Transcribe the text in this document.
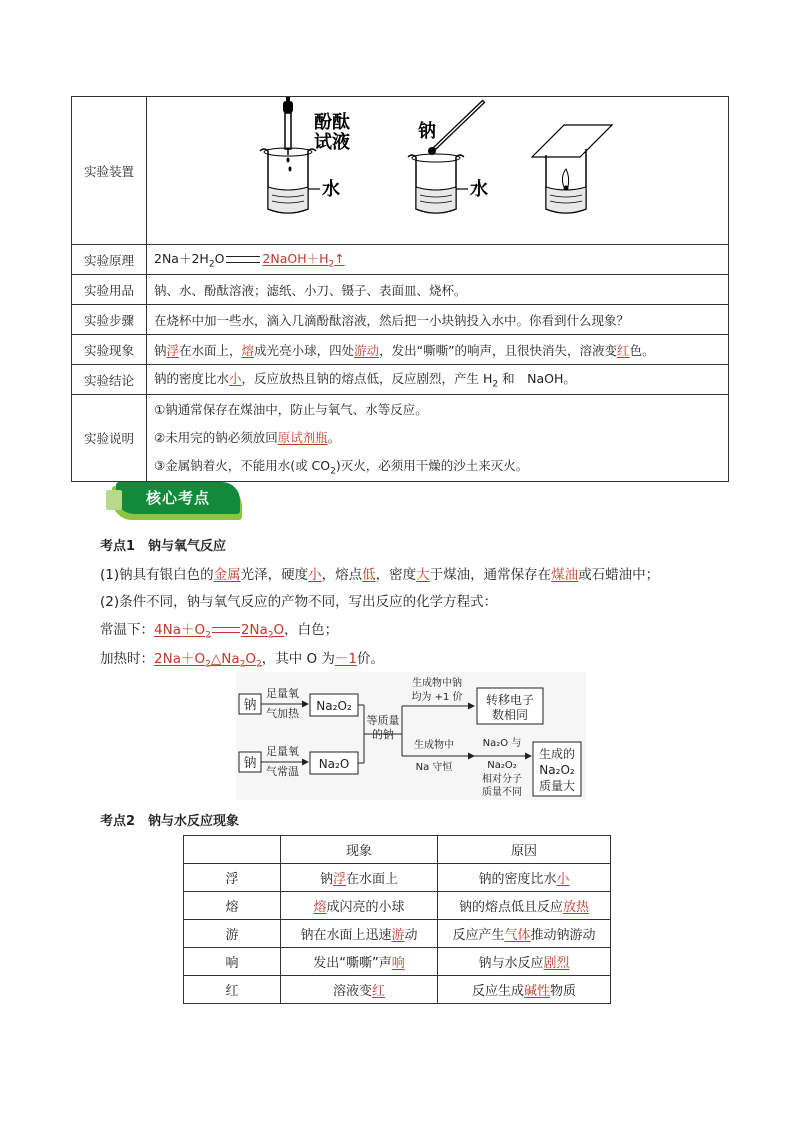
实验装置	酚酞
试液
水
钠
水

实验原理	$2Na+2H_2O$ $2NaOH+H_2↑$
实验用品	钠、水、酚酞溶液；滤纸、小刀、镊子、表面皿、烧杯。
实验步骤	在烧杯中加一些水，滴入几滴酚酞溶液，然后把一小块钠投入水中。你看到什么现象？
实验现象	钠浮在水面上，熔成光亮小球，四处游动，发出“嘶嘶”的响声，且很快消失，溶液变红色。
实验结论	钠的密度比水小，反应放热且钠的熔点低，反应剧烈，产生 $H_2$ 和　NaOH。
实验说明	①钠通常保存在煤油中，防止与氧气、水等反应。
②未用完的钠必须放回原试剂瓶。
③金属钠着火，不能用水(或 $CO_2$)灭火，必须用干燥的沙土来灭火。
核心考点
考点1　钠与氧气反应
(1)钠具有银白色的金属光泽，硬度小，熔点低，密度大于煤油，通常保存在煤油或石蜡油中；
(2)条件不同，钠与氧气反应的产物不同，写出反应的化学方程式：
常温下：$4Na+O_2$ $2Na_2O$，白色；
加热时：$2Na+O_2\triangle Na_2O_2$，其中 O 为－1价。
钠
钠
足量氧
气加热
足量氧
气常温
Na₂O₂
Na₂O
等质量
的钠
生成物中钠
均为 +1 价 转移电子
数相同
生成物中
Na 守恒
Na₂O 与
Na₂O₂
相对分子
质量不同
生成的
Na₂O₂
质量大
考点2　钠与水反应现象
	现象	原因
浮	钠浮在水面上	钠的密度比水小
熔	熔成闪亮的小球	钠的熔点低且反应放热
游	钠在水面上迅速游动	反应产生气体推动钠游动
响	发出“嘶嘶”声响	钠与水反应剧烈
红	溶液变红	反应生成碱性物质
